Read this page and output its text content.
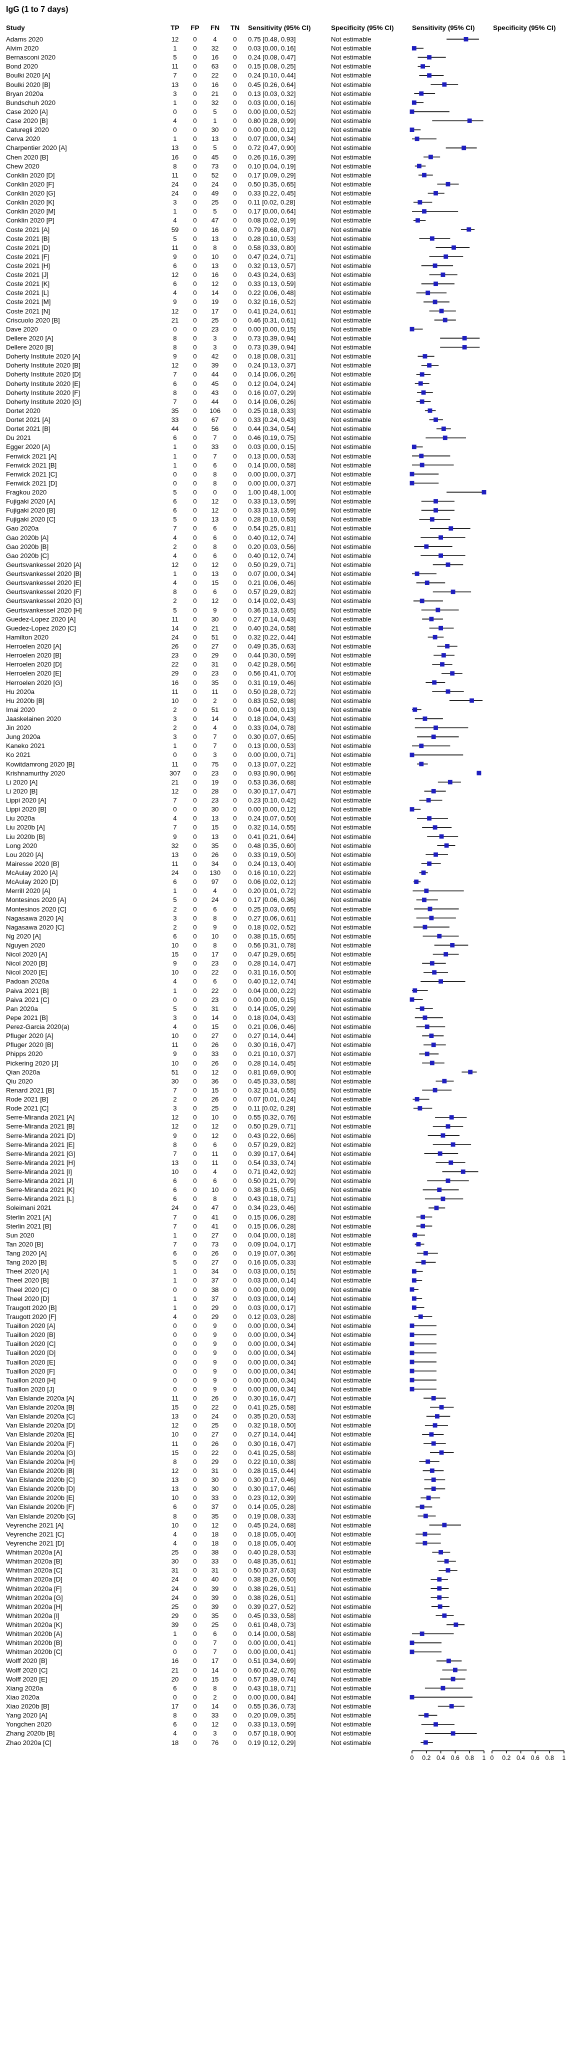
IgG (1 to 7 days)
Study	TP FP FN TN Sensitivity (95% CI)	Specificity (95% CI)	Sensitivity (95% CI)	Specificity (95% CI)
Adams 2020	12 0 4 0 0.75 [0.48, 0.93]	Not estimable
Alvim 2020	1 0 32 0 0.03 [0.00, 0.16]	Not estimable
Bernasconi 2020	5 0 16 0 0.24 [0.08, 0.47]	Not estimable
Bond 2020	11 0 63 0 0.15 [0.08, 0.25]	Not estimable
Boulki 2020 [A]	7 0 22 0 0.24 [0.10, 0.44]	Not estimable
Boulki 2020 [B]	13 0 16 0 0.45 [0.26, 0.64]	Not estimable
Bryan 2020a	3 0 21 0 0.13 [0.03, 0.32]	Not estimable
Bundschuh 2020	1 0 32 0 0.03 [0.00, 0.16]	Not estimable
Case 2020 [A]	0 0 5 0 0.00 [0.00, 0.52]	Not estimable
Case 2020 [B]	4 0 1 0 0.80 [0.28, 0.99]	Not estimable
Caturegli 2020	0 0 30 0 0.00 [0.00, 0.12]	Not estimable
Cerva 2020	1 0 13 0 0.07 [0.00, 0.34]	Not estimable
Charpentier 2020 [A]	13 0 5 0 0.72 [0.47, 0.90]	Not estimable
Chen 2020 [B]	16 0 45 0 0.26 [0.16, 0.39]	Not estimable
Chew 2020	8 0 73 0 0.10 [0.04, 0.19]	Not estimable
Conklin 2020 [D]	11 0 52 0 0.17 [0.09, 0.29]	Not estimable
Conklin 2020 [F]	24 0 24 0 0.50 [0.35, 0.65]	Not estimable
Conklin 2020 [G]	24 0 49 0 0.33 [0.22, 0.45]	Not estimable
Conklin 2020 [K]	3 0 25 0 0.11 [0.02, 0.28]	Not estimable
Conklin 2020 [M]	1 0 5 0 0.17 [0.00, 0.64]	Not estimable
Conklin 2020 [P]	4 0 47 0 0.08 [0.02, 0.19]	Not estimable
Coste 2021 [A]	59 0 16 0 0.79 [0.68, 0.87]	Not estimable
Coste 2021 [B]	5 0 13 0 0.28 [0.10, 0.53]	Not estimable
Coste 2021 [D]	11 0 8 0 0.58 [0.33, 0.80]	Not estimable
Coste 2021 [F]	9 0 10 0 0.47 [0.24, 0.71]	Not estimable
Coste 2021 [H]	6 0 13 0 0.32 [0.13, 0.57]	Not estimable
Coste 2021 [J]	12 0 16 0 0.43 [0.24, 0.63]	Not estimable
Coste 2021 [K]	6 0 12 0 0.33 [0.13, 0.59]	Not estimable
Coste 2021 [L]	4 0 14 0 0.22 [0.06, 0.48]	Not estimable
Coste 2021 [M]	9 0 19 0 0.32 [0.16, 0.52]	Not estimable
Coste 2021 [N]	12 0 17 0 0.41 [0.24, 0.61]	Not estimable
Criscuolo 2020 [B]	21 0 25 0 0.46 [0.31, 0.61]	Not estimable
Dave 2020	0 0 23 0 0.00 [0.00, 0.15]	Not estimable
Dellere 2020 [A]	8 0 3 0 0.73 [0.39, 0.94]	Not estimable
Dellere 2020 [B]	8 0 3 0 0.73 [0.39, 0.94]	Not estimable
Doherty Institute 2020 [A]	9 0 42 0 0.18 [0.08, 0.31]	Not estimable
Doherty Institute 2020 [B]	12 0 39 0 0.24 [0.13, 0.37]	Not estimable
Doherty Institute 2020 [D]	7 0 44 0 0.14 [0.06, 0.26]	Not estimable
Doherty Institute 2020 [E]	6 0 45 0 0.12 [0.04, 0.24]	Not estimable
Doherty Institute 2020 [F]	8 0 43 0 0.16 [0.07, 0.29]	Not estimable
Doherty Institute 2020 [G]	7 0 44 0 0.14 [0.06, 0.26]	Not estimable
Dortet 2020	35 0 106 0 0.25 [0.18, 0.33]	Not estimable
Dortet 2021 [A]	33 0 67 0 0.33 [0.24, 0.43]	Not estimable
Dortet 2021 [B]	44 0 56 0 0.44 [0.34, 0.54]	Not estimable
Du 2021	6 0 7 0 0.46 [0.19, 0.75]	Not estimable
Egger 2020 [A]	1 0 33 0 0.03 [0.00, 0.15]	Not estimable
Fenwick 2021 [A]	1 0 7 0 0.13 [0.00, 0.53]	Not estimable
Fenwick 2021 [B]	1 0 6 0 0.14 [0.00, 0.58]	Not estimable
Fenwick 2021 [C]	0 0 8 0 0.00 [0.00, 0.37]	Not estimable
Fenwick 2021 [D]	0 0 8 0 0.00 [0.00, 0.37]	Not estimable
Fragkou 2020	5 0 0 0 1.00 [0.48, 1.00]	Not estimable
Fujigaki 2020 [A]	6 0 12 0 0.33 [0.13, 0.59]	Not estimable
Fujigaki 2020 [B]	6 0 12 0 0.33 [0.13, 0.59]	Not estimable
Fujigaki 2020 [C]	5 0 13 0 0.28 [0.10, 0.53]	Not estimable
Gao 2020a	7 0 6 0 0.54 [0.25, 0.81]	Not estimable
Gao 2020b [A]	4 0 6 0 0.40 [0.12, 0.74]	Not estimable
Gao 2020b [B]	2 0 8 0 0.20 [0.03, 0.56]	Not estimable
Gao 2020b [C]	4 0 6 0 0.40 [0.12, 0.74]	Not estimable
Geurtsvankessel 2020 [A]	12 0 12 0 0.50 [0.29, 0.71]	Not estimable
Geurtsvankessel 2020 [B]	1 0 13 0 0.07 [0.00, 0.34]	Not estimable
Geurtsvankessel 2020 [E]	4 0 15 0 0.21 [0.06, 0.46]	Not estimable
Geurtsvankessel 2020 [F]	8 0 6 0 0.57 [0.29, 0.82]	Not estimable
Geurtsvankessel 2020 [G]	2 0 12 0 0.14 [0.02, 0.43]	Not estimable
Geurtsvankessel 2020 [H]	5 0 9 0 0.36 [0.13, 0.65]	Not estimable
Guedez-Lopez 2020 [A]	11 0 30 0 0.27 [0.14, 0.43]	Not estimable
Guedez-Lopez 2020 [C]	14 0 21 0 0.40 [0.24, 0.58]	Not estimable
Hamilton 2020	24 0 51 0 0.32 [0.22, 0.44]	Not estimable
Herroelen 2020 [A]	26 0 27 0 0.49 [0.35, 0.63]	Not estimable
Herroelen 2020 [B]	23 0 29 0 0.44 [0.30, 0.59]	Not estimable
Herroelen 2020 [D]	22 0 31 0 0.42 [0.28, 0.56]	Not estimable
Herroelen 2020 [E]	29 0 23 0 0.56 [0.41, 0.70]	Not estimable
Herroelen 2020 [G]	16 0 35 0 0.31 [0.19, 0.46]	Not estimable
Hu 2020a	11 0 11 0 0.50 [0.28, 0.72]	Not estimable
Hu 2020b [B]	10 0 2 0 0.83 [0.52, 0.98]	Not estimable
Imai 2020	2 0 51 0 0.04 [0.00, 0.13]	Not estimable
Jaaskelainen 2020	3 0 14 0 0.18 [0.04, 0.43]	Not estimable
Jin 2020	2 0 4 0 0.33 [0.04, 0.78]	Not estimable
Jung 2020a	3 0 7 0 0.30 [0.07, 0.65]	Not estimable
Kaneko 2021	1 0 7 0 0.13 [0.00, 0.53]	Not estimable
Ko 2021	0 0 3 0 0.00 [0.00, 0.71]	Not estimable
Kowitdamrong 2020 [B]	11 0 75 0 0.13 [0.07, 0.22]	Not estimable
Krishnamurthy 2020	307 0 23 0 0.93 [0.90, 0.96]	Not estimable
Li 2020 [A]	21 0 19 0 0.53 [0.36, 0.68]	Not estimable
Li 2020 [B]	12 0 28 0 0.30 [0.17, 0.47]	Not estimable
Lippi 2020 [A]	7 0 23 0 0.23 [0.10, 0.42]	Not estimable
Lippi 2020 [B]	0 0 30 0 0.00 [0.00, 0.12]	Not estimable
Liu 2020a	4 0 13 0 0.24 [0.07, 0.50]	Not estimable
Liu 2020b [A]	7 0 15 0 0.32 [0.14, 0.55]	Not estimable
Liu 2020b [B]	9 0 13 0 0.41 [0.21, 0.64]	Not estimable
Long 2020	32 0 35 0 0.48 [0.35, 0.60]	Not estimable
Lou 2020 [A]	13 0 26 0 0.33 [0.19, 0.50]	Not estimable
Mairesse 2020 [B]	11 0 34 0 0.24 [0.13, 0.40]	Not estimable
McAulay 2020 [A]	24 0 130 0 0.16 [0.10, 0.22]	Not estimable
McAulay 2020 [D]	6 0 97 0 0.06 [0.02, 0.12]	Not estimable
Merrill 2020 [A]	1 0 4 0 0.20 [0.01, 0.72]	Not estimable
Montesinos 2020 [A]	5 0 24 0 0.17 [0.06, 0.36]	Not estimable
Montesinos 2020 [C]	2 0 6 0 0.25 [0.03, 0.65]	Not estimable
Nagasawa 2020 [A]	3 0 8 0 0.27 [0.06, 0.61]	Not estimable
Nagasawa 2020 [C]	2 0 9 0 0.18 [0.02, 0.52]	Not estimable
Ng 2020 [A]	6 0 10 0 0.38 [0.15, 0.65]	Not estimable
Nguyen 2020	10 0 8 0 0.56 [0.31, 0.78]	Not estimable
Nicol 2020 [A]	15 0 17 0 0.47 [0.29, 0.65]	Not estimable
Nicol 2020 [B]	9 0 23 0 0.28 [0.14, 0.47]	Not estimable
Nicol 2020 [E]	10 0 22 0 0.31 [0.16, 0.50]	Not estimable
Padoan 2020a	4 0 6 0 0.40 [0.12, 0.74]	Not estimable
Paiva 2021 [B]	1 0 22 0 0.04 [0.00, 0.22]	Not estimable
Paiva 2021 [C]	0 0 23 0 0.00 [0.00, 0.15]	Not estimable
Pan 2020a	5 0 31 0 0.14 [0.05, 0.29]	Not estimable
Pepe 2021 [B]	3 0 14 0 0.18 [0.04, 0.43]	Not estimable
Perez-Garcia 2020(a)	4 0 15 0 0.21 [0.06, 0.46]	Not estimable
Pfluger 2020 [A]	10 0 27 0 0.27 [0.14, 0.44]	Not estimable
Pfluger 2020 [B]	11 0 26 0 0.30 [0.16, 0.47]	Not estimable
Phipps 2020	9 0 33 0 0.21 [0.10, 0.37]	Not estimable
Pickering 2020 [J]	10 0 26 0 0.28 [0.14, 0.45]	Not estimable
Qian 2020a	51 0 12 0 0.81 [0.69, 0.90]	Not estimable
Qiu 2020	30 0 36 0 0.45 [0.33, 0.58]	Not estimable
Renard 2021 [B]	7 0 15 0 0.32 [0.14, 0.55]	Not estimable
Rode 2021 [B]	2 0 26 0 0.07 [0.01, 0.24]	Not estimable
Rode 2021 [C]	3 0 25 0 0.11 [0.02, 0.28]	Not estimable
Serre-Miranda 2021 [A]	12 0 10 0 0.55 [0.32, 0.76]	Not estimable
Serre-Miranda 2021 [B]	12 0 12 0 0.50 [0.29, 0.71]	Not estimable
Serre-Miranda 2021 [D]	9 0 12 0 0.43 [0.22, 0.66]	Not estimable
Serre-Miranda 2021 [E]	8 0 6 0 0.57 [0.29, 0.82]	Not estimable
Serre-Miranda 2021 [G]	7 0 11 0 0.39 [0.17, 0.64]	Not estimable
Serre-Miranda 2021 [H]	13 0 11 0 0.54 [0.33, 0.74]	Not estimable
Serre-Miranda 2021 [I]	10 0 4 0 0.71 [0.42, 0.92]	Not estimable
Serre-Miranda 2021 [J]	6 0 6 0 0.50 [0.21, 0.79]	Not estimable
Serre-Miranda 2021 [K]	6 0 10 0 0.38 [0.15, 0.65]	Not estimable
Serre-Miranda 2021 [L]	6 0 8 0 0.43 [0.18, 0.71]	Not estimable
Soleimani 2021	24 0 47 0 0.34 [0.23, 0.46]	Not estimable
Sterlin 2021 [A]	7 0 41 0 0.15 [0.06, 0.28]	Not estimable
Sterlin 2021 [B]	7 0 41 0 0.15 [0.06, 0.28]	Not estimable
Sun 2020	1 0 27 0 0.04 [0.00, 0.18]	Not estimable
Tan 2020 [B]	7 0 73 0 0.09 [0.04, 0.17]	Not estimable
Tang 2020 [A]	6 0 26 0 0.19 [0.07, 0.36]	Not estimable
Tang 2020 [B]	5 0 27 0 0.16 [0.05, 0.33]	Not estimable
Theel 2020 [A]	1 0 34 0 0.03 [0.00, 0.15]	Not estimable
Theel 2020 [B]	1 0 37 0 0.03 [0.00, 0.14]	Not estimable
Theel 2020 [C]	0 0 38 0 0.00 [0.00, 0.09]	Not estimable
Theel 2020 [D]	1 0 37 0 0.03 [0.00, 0.14]	Not estimable
Traugott 2020 [B]	1 0 29 0 0.03 [0.00, 0.17]	Not estimable
Traugott 2020 [F]	4 0 29 0 0.12 [0.03, 0.28]	Not estimable
Tuaillon 2020 [A]	0 0 9 0 0.00 [0.00, 0.34]	Not estimable
Tuaillon 2020 [B]	0 0 9 0 0.00 [0.00, 0.34]	Not estimable
Tuaillon 2020 [C]	0 0 9 0 0.00 [0.00, 0.34]	Not estimable
Tuaillon 2020 [D]	0 0 9 0 0.00 [0.00, 0.34]	Not estimable
Tuaillon 2020 [E]	0 0 9 0 0.00 [0.00, 0.34]	Not estimable
Tuaillon 2020 [F]	0 0 9 0 0.00 [0.00, 0.34]	Not estimable
Tuaillon 2020 [H]	0 0 9 0 0.00 [0.00, 0.34]	Not estimable
Tuaillon 2020 [J]	0 0 9 0 0.00 [0.00, 0.34]	Not estimable
Van Elslande 2020a [A]	11 0 26 0 0.30 [0.16, 0.47]	Not estimable
Van Elslande 2020a [B]	15 0 22 0 0.41 [0.25, 0.58]	Not estimable
Van Elslande 2020a [C]	13 0 24 0 0.35 [0.20, 0.53]	Not estimable
Van Elslande 2020a [D]	12 0 25 0 0.32 [0.18, 0.50]	Not estimable
Van Elslande 2020a [E]	10 0 27 0 0.27 [0.14, 0.44]	Not estimable
Van Elslande 2020a [F]	11 0 26 0 0.30 [0.16, 0.47]	Not estimable
Van Elslande 2020a [G]	15 0 22 0 0.41 [0.25, 0.58]	Not estimable
Van Elslande 2020a [H]	8 0 29 0 0.22 [0.10, 0.38]	Not estimable
Van Elslande 2020b [B]	12 0 31 0 0.28 [0.15, 0.44]	Not estimable
Van Elslande 2020b [C]	13 0 30 0 0.30 [0.17, 0.46]	Not estimable
Van Elslande 2020b [D]	13 0 30 0 0.30 [0.17, 0.46]	Not estimable
Van Elslande 2020b [E]	10 0 33 0 0.23 [0.12, 0.39]	Not estimable
Van Elslande 2020b [F]	6 0 37 0 0.14 [0.05, 0.28]	Not estimable
Van Elslande 2020b [G]	8 0 35 0 0.19 [0.08, 0.33]	Not estimable
Veyrenche 2021 [A]	10 0 12 0 0.45 [0.24, 0.68]	Not estimable
Veyrenche 2021 [C]	4 0 18 0 0.18 [0.05, 0.40]	Not estimable
Veyrenche 2021 [D]	4 0 18 0 0.18 [0.05, 0.40]	Not estimable
Whitman 2020a [A]	25 0 38 0 0.40 [0.28, 0.53]	Not estimable
Whitman 2020a [B]	30 0 33 0 0.48 [0.35, 0.61]	Not estimable
Whitman 2020a [C]	31 0 31 0 0.50 [0.37, 0.63]	Not estimable
Whitman 2020a [D]	24 0 40 0 0.38 [0.26, 0.50]	Not estimable
Whitman 2020a [F]	24 0 39 0 0.38 [0.26, 0.51]	Not estimable
Whitman 2020a [G]	24 0 39 0 0.38 [0.26, 0.51]	Not estimable
Whitman 2020a [H]	25 0 39 0 0.39 [0.27, 0.52]	Not estimable
Whitman 2020a [I]	29 0 35 0 0.45 [0.33, 0.58]	Not estimable
Whitman 2020a [K]	39 0 25 0 0.61 [0.48, 0.73]	Not estimable
Whitman 2020b [A]	1 0 6 0 0.14 [0.00, 0.58]	Not estimable
Whitman 2020b [B]	0 0 7 0 0.00 [0.00, 0.41]	Not estimable
Whitman 2020b [C]	0 0 7 0 0.00 [0.00, 0.41]	Not estimable
Wolff 2020 [B]	16 0 17 0 0.51 [0.34, 0.69]	Not estimable
Wolff 2020 [C]	21 0 14 0 0.60 [0.42, 0.76]	Not estimable
Wolff 2020 [E]	20 0 15 0 0.57 [0.39, 0.74]	Not estimable
Xiang 2020a	6 0 8 0 0.43 [0.18, 0.71]	Not estimable
Xiao 2020a	0 0 2 0 0.00 [0.00, 0.84]	Not estimable
Xiao 2020b [B]	17 0 14 0 0.55 [0.36, 0.73]	Not estimable
Yang 2020 [A]	8 0 33 0 0.20 [0.09, 0.35]	Not estimable
Yongchen 2020	6 0 12 0 0.33 [0.13, 0.59]	Not estimable
Zhang 2020b [B]	4 0 3 0 0.57 [0.18, 0.90]	Not estimable
Zhao 2020a [C]	18 0 76 0 0.19 [0.12, 0.29]	Not estimable
0 0.2 0.4 0.6 0.8 1 0 0.2 0.4 0.6 0.8 1
